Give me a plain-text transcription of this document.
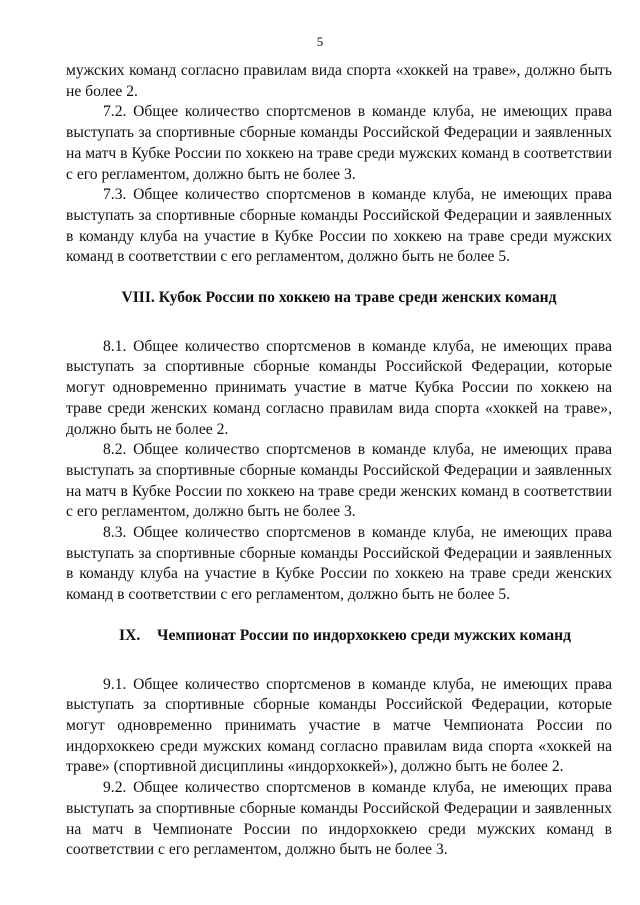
5

мужских команд согласно правилам вида спорта «хоккей на траве», должно быть не более 2.

7.2. Общее количество спортсменов в команде клуба, не имеющих права выступать за спортивные сборные команды Российской Федерации и заявленных на матч в Кубке России по хоккею на траве среди мужских команд в соответствии с его регламентом, должно быть не более 3.

7.3. Общее количество спортсменов в команде клуба, не имеющих права выступать за спортивные сборные команды Российской Федерации и заявленных в команду клуба на участие в Кубке России по хоккею на траве среди мужских команд в соответствии с его регламентом, должно быть не более 5.

VIII. Кубок России по хоккею на траве среди женских команд

8.1. Общее количество спортсменов в команде клуба, не имеющих права выступать за спортивные сборные команды Российской Федерации, которые могут одновременно принимать участие в матче Кубка России по хоккею на траве среди женских команд согласно правилам вида спорта «хоккей на траве», должно быть не более 2.

8.2. Общее количество спортсменов в команде клуба, не имеющих права выступать за спортивные сборные команды Российской Федерации и заявленных на матч в Кубке России по хоккею на траве среди женских команд в соответствии с его регламентом, должно быть не более 3.

8.3. Общее количество спортсменов в команде клуба, не имеющих права выступать за спортивные сборные команды Российской Федерации и заявленных в команду клуба на участие в Кубке России по хоккею на траве среди женских команд в соответствии с его регламентом, должно быть не более 5.

IX. Чемпионат России по индорхоккею среди мужских команд

9.1. Общее количество спортсменов в команде клуба, не имеющих права выступать за спортивные сборные команды Российской Федерации, которые могут одновременно принимать участие в матче Чемпионата России по индорхоккею среди мужских команд согласно правилам вида спорта «хоккей на траве» (спортивной дисциплины «индорхоккей»), должно быть не более 2.

9.2. Общее количество спортсменов в команде клуба, не имеющих права выступать за спортивные сборные команды Российской Федерации и заявленных на матч в Чемпионате России по индорхоккею среди мужских команд в соответствии с его регламентом, должно быть не более 3.
